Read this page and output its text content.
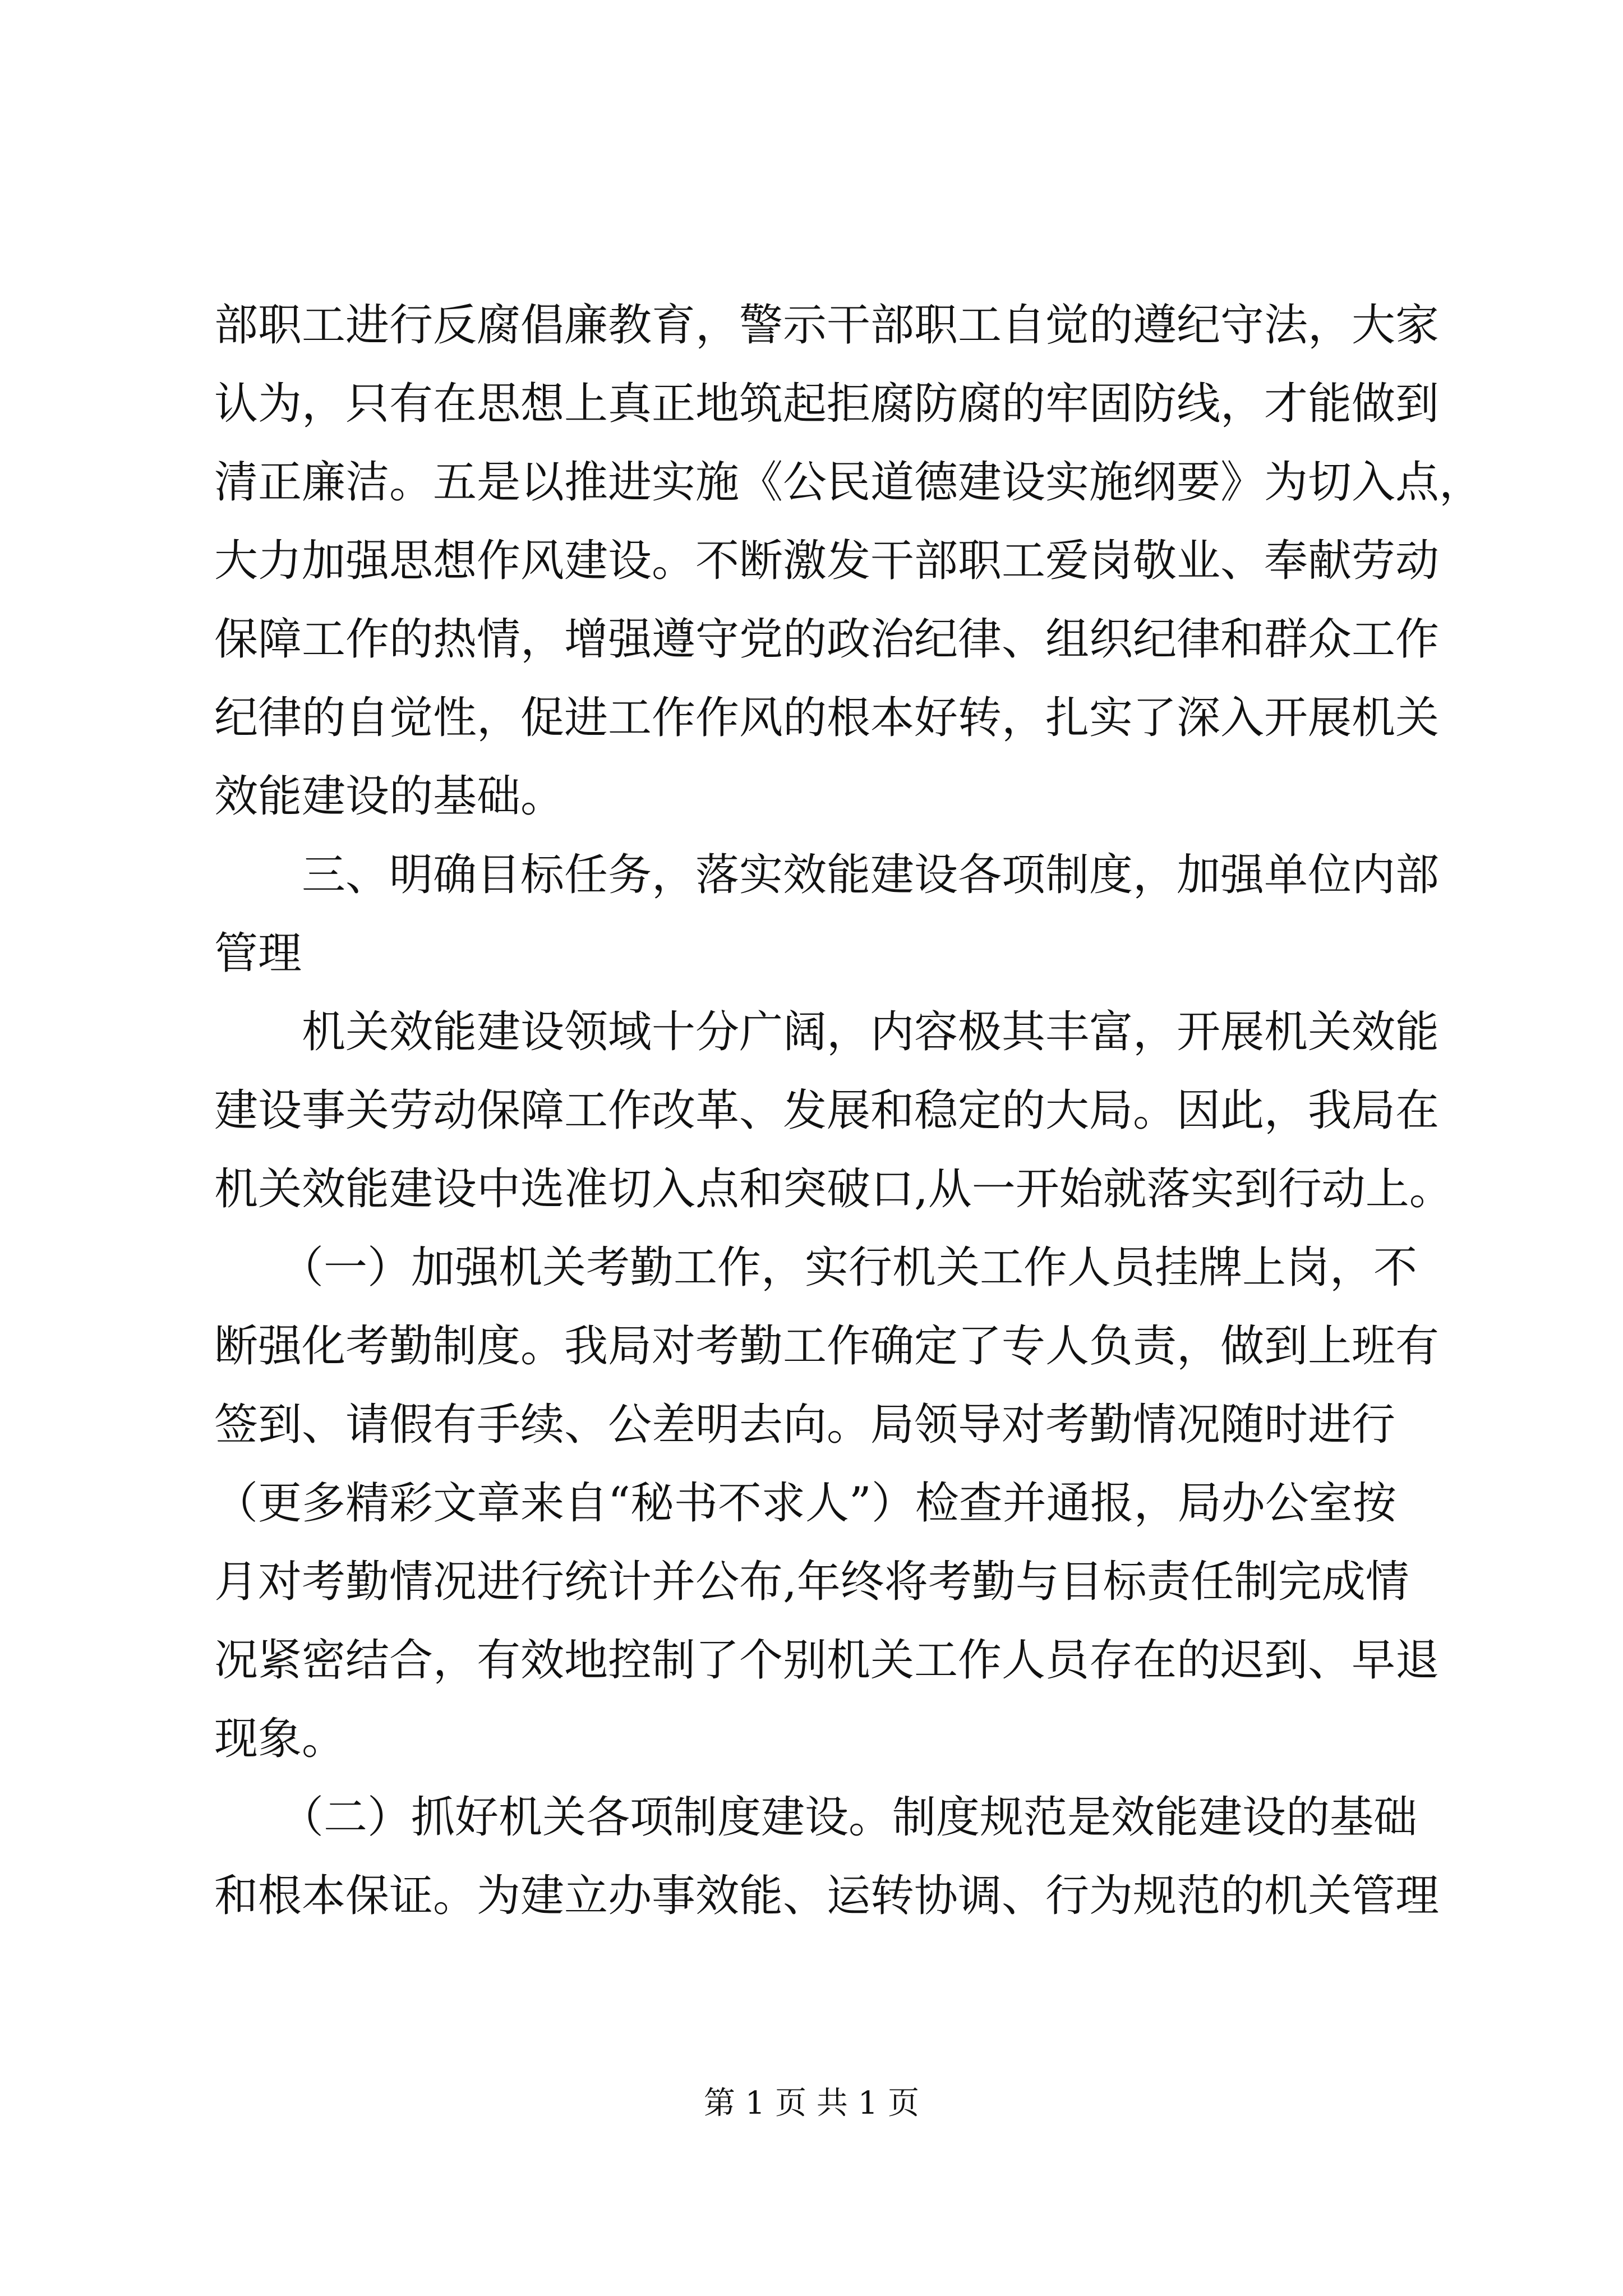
部职工进行反腐倡廉教育，警示干部职工自觉的遵纪守法，大家
认为，只有在思想上真正地筑起拒腐防腐的牢固防线，才能做到
清正廉洁。五是以推进实施《公民道德建设实施纲要》为切入点，
大力加强思想作风建设。不断激发干部职工爱岗敬业、奉献劳动
保障工作的热情，增强遵守党的政治纪律、组织纪律和群众工作
纪律的自觉性，促进工作作风的根本好转，扎实了深入开展机关
效能建设的基础。
　　三、明确目标任务，落实效能建设各项制度，加强单位内部
管理
　　机关效能建设领域十分广阔，内容极其丰富，开展机关效能
建设事关劳动保障工作改革、发展和稳定的大局。因此，我局在
机关效能建设中选准切入点和突破口,从一开始就落实到行动上。
　　（一）加强机关考勤工作，实行机关工作人员挂牌上岗，不
断强化考勤制度。我局对考勤工作确定了专人负责，做到上班有
签到、请假有手续、公差明去向。局领导对考勤情况随时进行
（更多精彩文章来自“秘书不求人”）检查并通报，局办公室按
月对考勤情况进行统计并公布,年终将考勤与目标责任制完成情
况紧密结合，有效地控制了个别机关工作人员存在的迟到、早退
现象。
　　（二）抓好机关各项制度建设。制度规范是效能建设的基础
和根本保证。为建立办事效能、运转协调、行为规范的机关管理
第 1 页 共 1 页
